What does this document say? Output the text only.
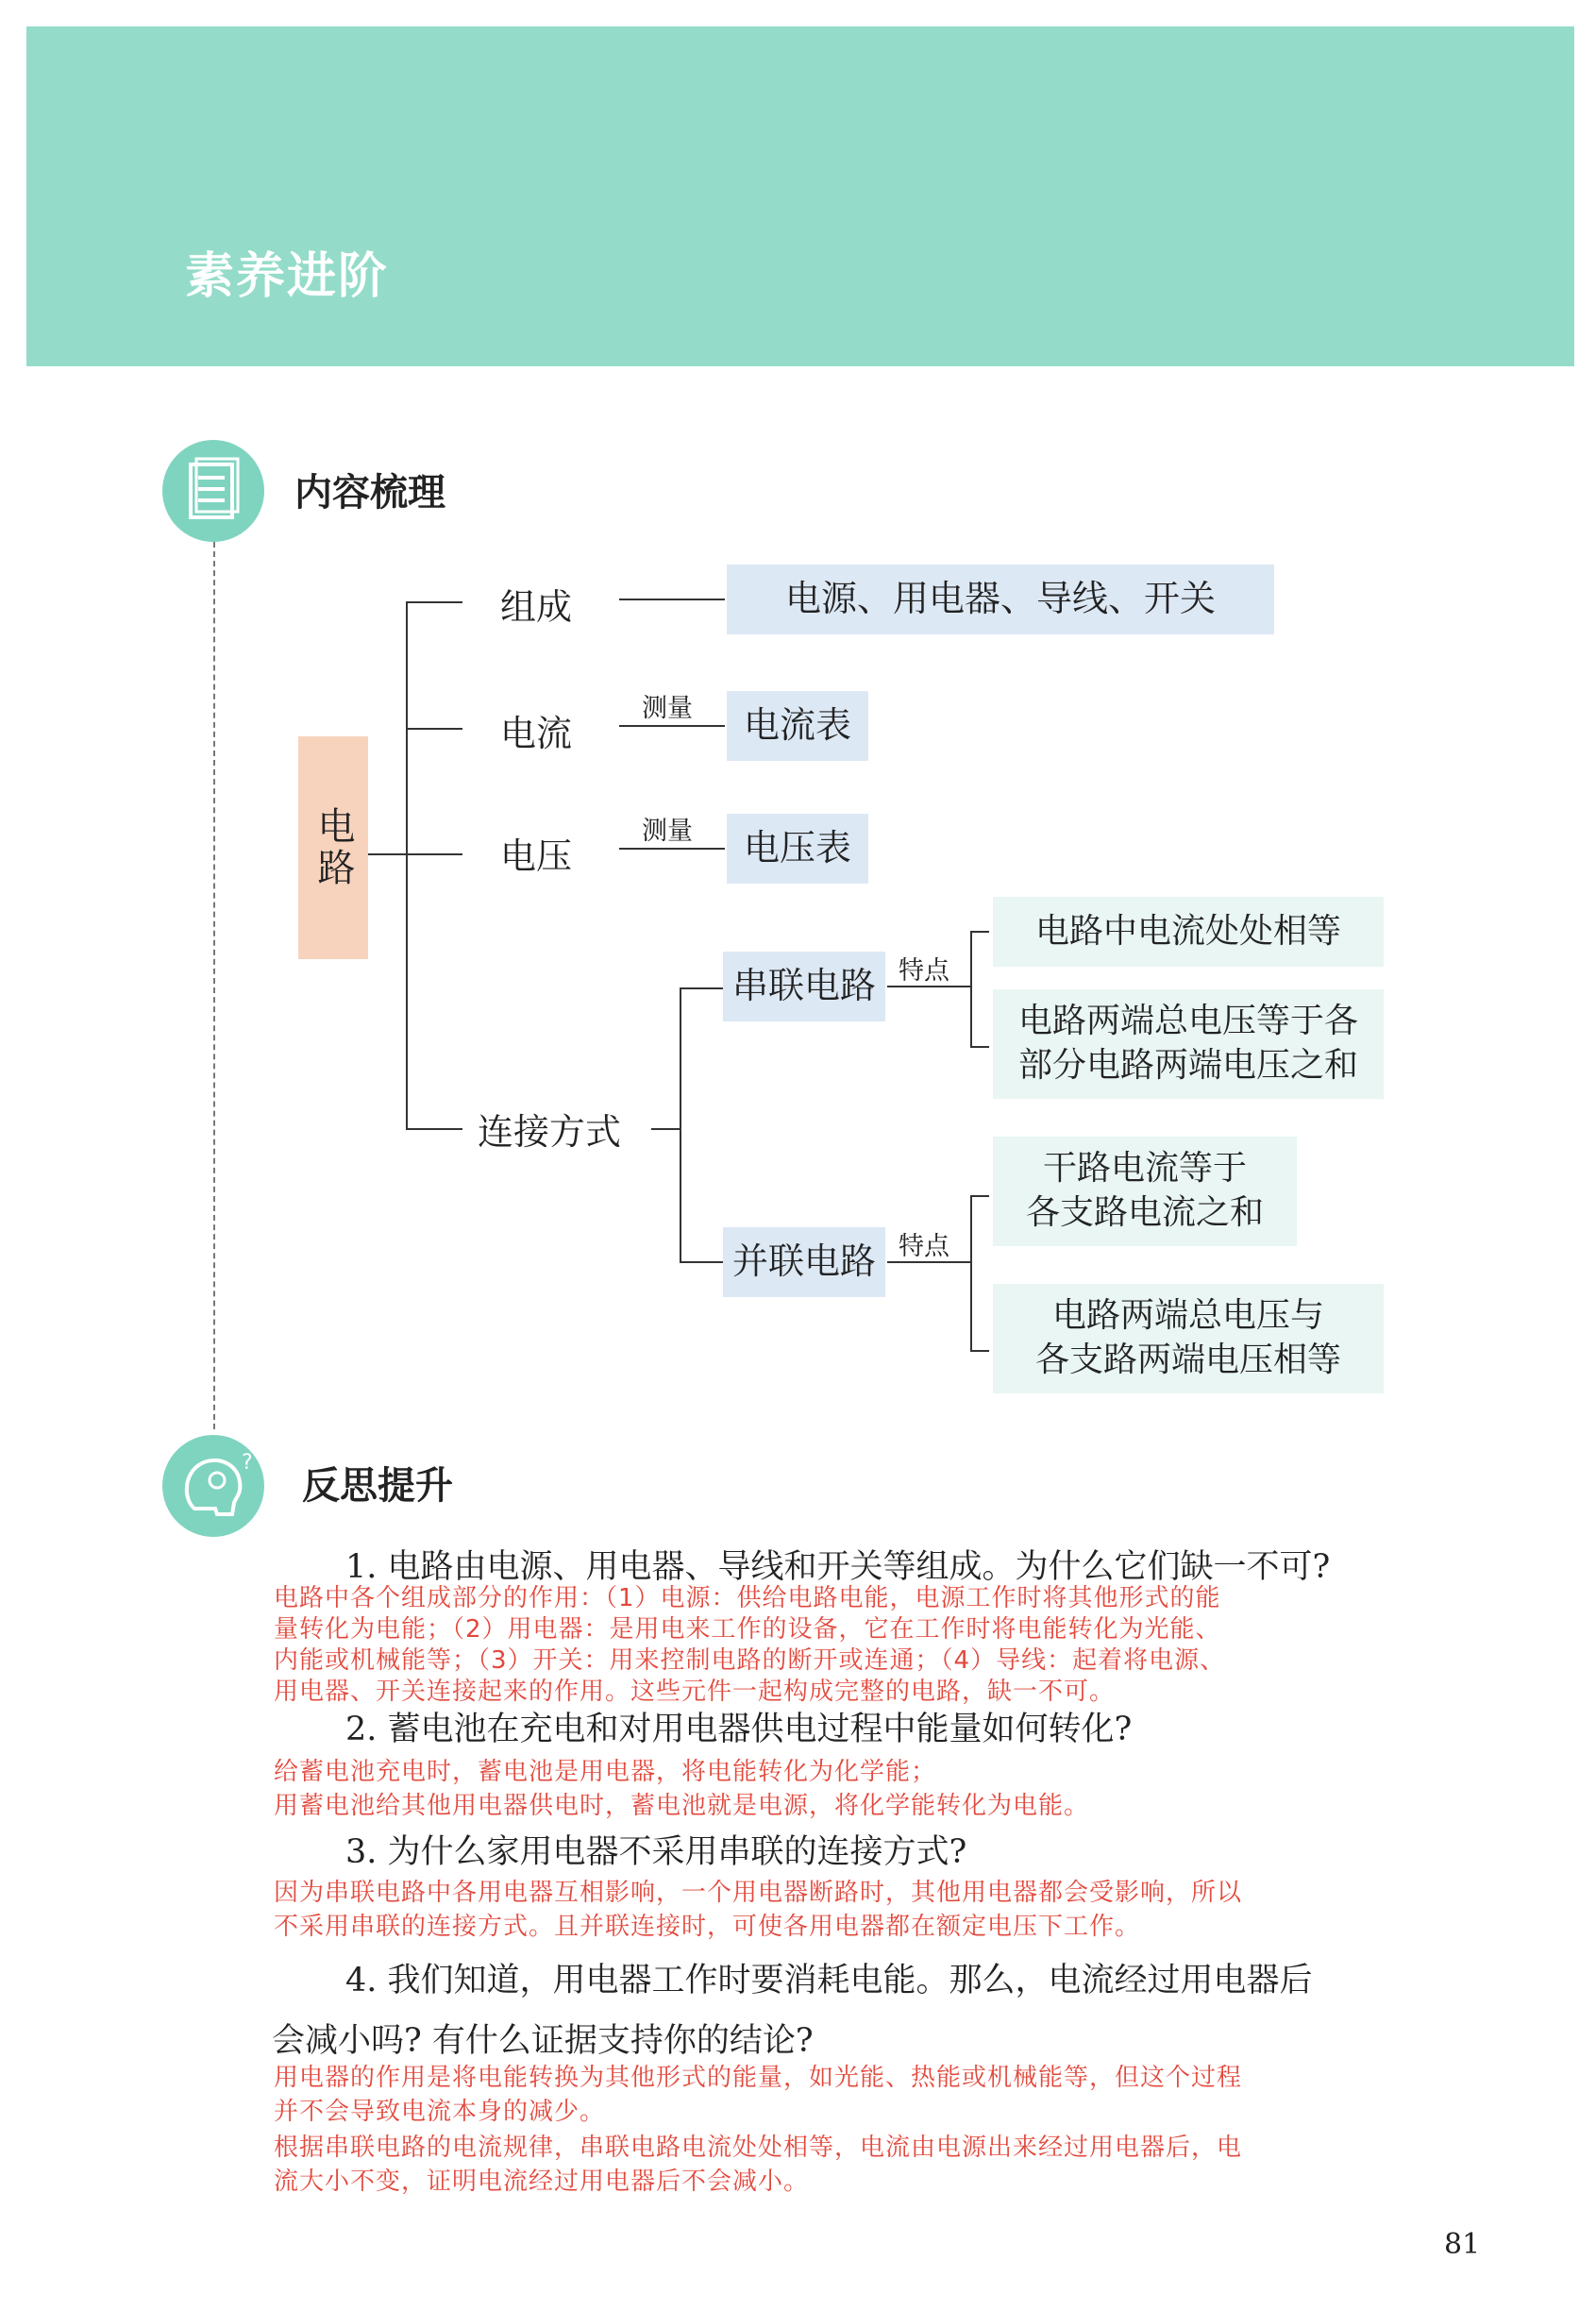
素养进阶
内容梳理
电路
组成	电源、用电器、导线、开关
电流
测量 电流表
电压
测量 电压表
连接方式
串联电路 特点
电路中电流处处相等
电路两端总电压等于各
部分电路两端电压之和
并联电路 特点
干路电流等于
各支路电流之和
电路两端总电压与
各支路两端电压相等
?
反思提升
1. 电路由电源、用电器、导线和开关等组成。为什么它们缺一不可?
电路中各个组成部分的作用：（1）电源：供给电路电能，电源工作时将其他形式的能
量转化为电能；（2）用电器：是用电来工作的设备，它在工作时将电能转化为光能、
内能或机械能等；（3）开关：用来控制电路的断开或连通；（4）导线：起着将电源、
用电器、开关连接起来的作用。这些元件一起构成完整的电路，缺一不可。
2. 蓄电池在充电和对用电器供电过程中能量如何转化?
给蓄电池充电时，蓄电池是用电器，将电能转化为化学能；
用蓄电池给其他用电器供电时，蓄电池就是电源，将化学能转化为电能。
3. 为什么家用电器不采用串联的连接方式?
因为串联电路中各用电器互相影响，一个用电器断路时，其他用电器都会受影响，所以
不采用串联的连接方式。且并联连接时，可使各用电器都在额定电压下工作。
4. 我们知道，用电器工作时要消耗电能。那么，电流经过用电器后
会减小吗? 有什么证据支持你的结论?
用电器的作用是将电能转换为其他形式的能量，如光能、热能或机械能等，但这个过程
并不会导致电流本身的减少。
根据串联电路的电流规律，串联电路电流处处相等，电流由电源出来经过用电器后，电
流大小不变，证明电流经过用电器后不会减小。
81
